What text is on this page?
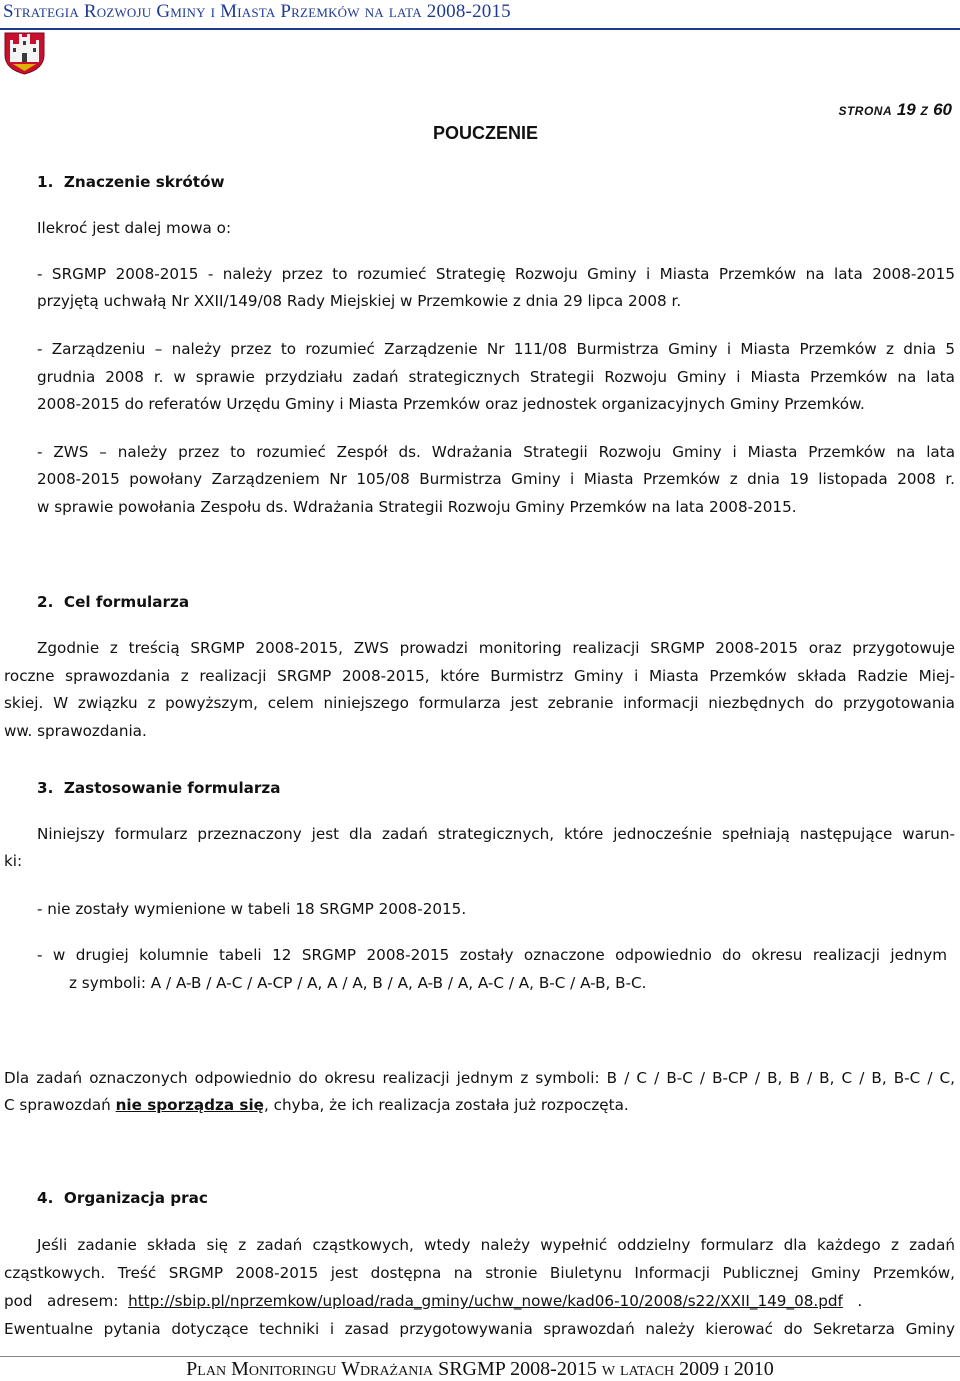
Strategia Rozwoju Gminy i Miasta Przemków na lata 2008-2015
STRONA 19 Z 60
POUCZENIE
1. Znaczenie skrótów
Ilekroć jest dalej mowa o:
- SRGMP 2008-2015 - należy przez to rozumieć Strategię Rozwoju Gminy i Miasta Przemków na lata 2008-2015
przyjętą uchwałą Nr XXII/149/08 Rady Miejskiej w Przemkowie z dnia 29 lipca 2008 r.
- Zarządzeniu – należy przez to rozumieć Zarządzenie Nr 111/08 Burmistrza Gminy i Miasta Przemków z dnia 5
grudnia 2008 r. w sprawie przydziału zadań strategicznych Strategii Rozwoju Gminy i Miasta Przemków na lata
2008-2015 do referatów Urzędu Gminy i Miasta Przemków oraz jednostek organizacyjnych Gminy Przemków.
- ZWS – należy przez to rozumieć Zespół ds. Wdrażania Strategii Rozwoju Gminy i Miasta Przemków na lata
2008-2015 powołany Zarządzeniem Nr 105/08 Burmistrza Gminy i Miasta Przemków z dnia 19 listopada 2008 r.
w sprawie powołania Zespołu ds. Wdrażania Strategii Rozwoju Gminy Przemków na lata 2008-2015.
2. Cel formularza
Zgodnie z treścią SRGMP 2008-2015, ZWS prowadzi monitoring realizacji SRGMP 2008-2015 oraz przygotowuje
roczne sprawozdania z realizacji SRGMP 2008-2015, które Burmistrz Gminy i Miasta Przemków składa Radzie Miej-
skiej. W związku z powyższym, celem niniejszego formularza jest zebranie informacji niezbędnych do przygotowania
ww. sprawozdania.
3. Zastosowanie formularza
Niniejszy formularz przeznaczony jest dla zadań strategicznych, które jednocześnie spełniają następujące warun-
ki:
- nie zostały wymienione w tabeli 18 SRGMP 2008-2015.
- w drugiej kolumnie tabeli 12 SRGMP 2008-2015 zostały oznaczone odpowiednio do okresu realizacji jednym
z symboli: A / A-B / A-C / A-CP / A, A / A, B / A, A-B / A, A-C / A, B-C / A-B, B-C.
Dla zadań oznaczonych odpowiednio do okresu realizacji jednym z symboli: B / C / B-C / B-CP / B, B / B, C / B, B-C / C,
C sprawozdań nie sporządza się, chyba, że ich realizacja została już rozpoczęta.
4. Organizacja prac
Jeśli zadanie składa się z zadań cząstkowych, wtedy należy wypełnić oddzielny formularz dla każdego z zadań
cząstkowych. Treść SRGMP 2008-2015 jest dostępna na stronie Biuletynu Informacji Publicznej Gminy Przemków,
pod   adresem:  http://sbip.pl/nprzemkow/upload/rada_gminy/uchw_nowe/kad06-10/2008/s22/XXII_149_08.pdf   .
Ewentualne pytania dotyczące techniki i zasad przygotowywania sprawozdań należy kierować do Sekretarza Gminy
Plan Monitoringu Wdrażania SRGMP 2008-2015 w latach 2009 i 2010
